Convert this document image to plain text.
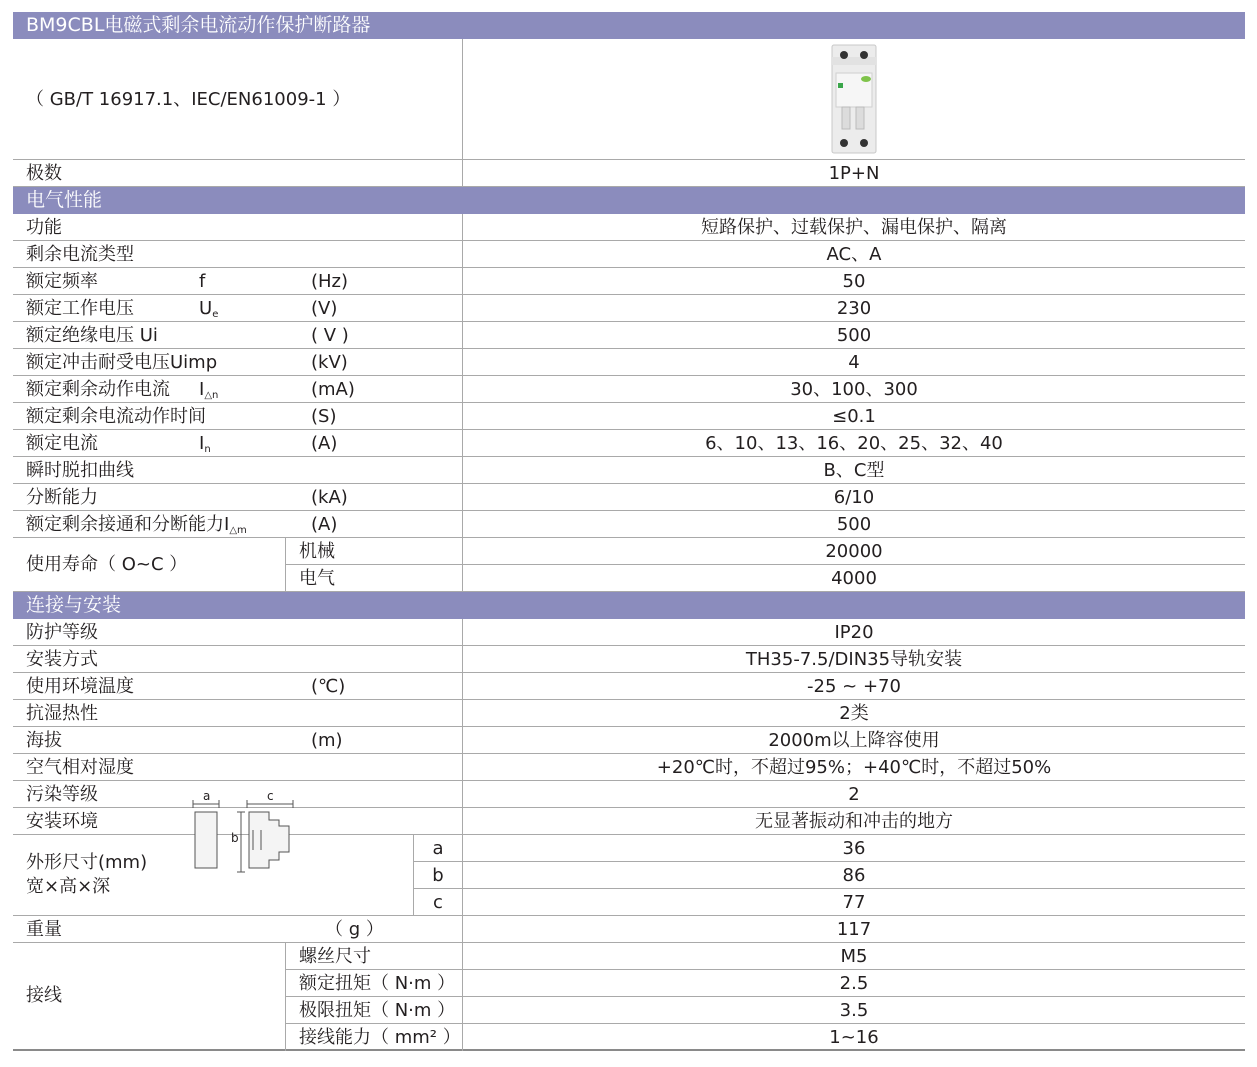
BM9CBL电磁式剩余电流动作保护断路器
（ GB/T 16917.1、IEC/EN61009-1 ）
极数	1P+N
电气性能
功能	短路保护、过载保护、漏电保护、隔离
剩余电流类型	AC、A
额定频率	f	(Hz)	50
额定工作电压	$U_e$	(V)	230
额定绝缘电压 Ui	( V )	500
额定冲击耐受电压Uimp	(kV)	4
额定剩余动作电流 $I_{\triangle n}$	(mA)	30、100、300
额定剩余电流动作时间	(S)	≤0.1
额定电流	$I_n$	(A)	6、10、13、16、20、25、32、40
瞬时脱扣曲线	B、C型
分断能力	(kA)	6/10
额定剩余接通和分断能力$I_{\triangle m}$	(A)	500
使用寿命（ O~C ）
机械	20000
电气	4000
连接与安装
防护等级	IP20
安装方式	TH35-7.5/DIN35导轨安装
使用环境温度	(℃)	-25 ~ +70
抗湿热性	2类
海拔	(m)	2000m以上降容使用
空气相对湿度	+20℃时，不超过95%；+40℃时，不超过50%
污染等级	2
安装环境	无显著振动和冲击的地方
外形尺寸(mm)
宽×高×深
a	36
b	86
c	77
a	c
b
重量	（ g ）	117
接线
螺丝尺寸	M5
额定扭矩（ N·m ）	2.5
极限扭矩（ N·m ）	3.5
接线能力（ mm² ）	1~16
